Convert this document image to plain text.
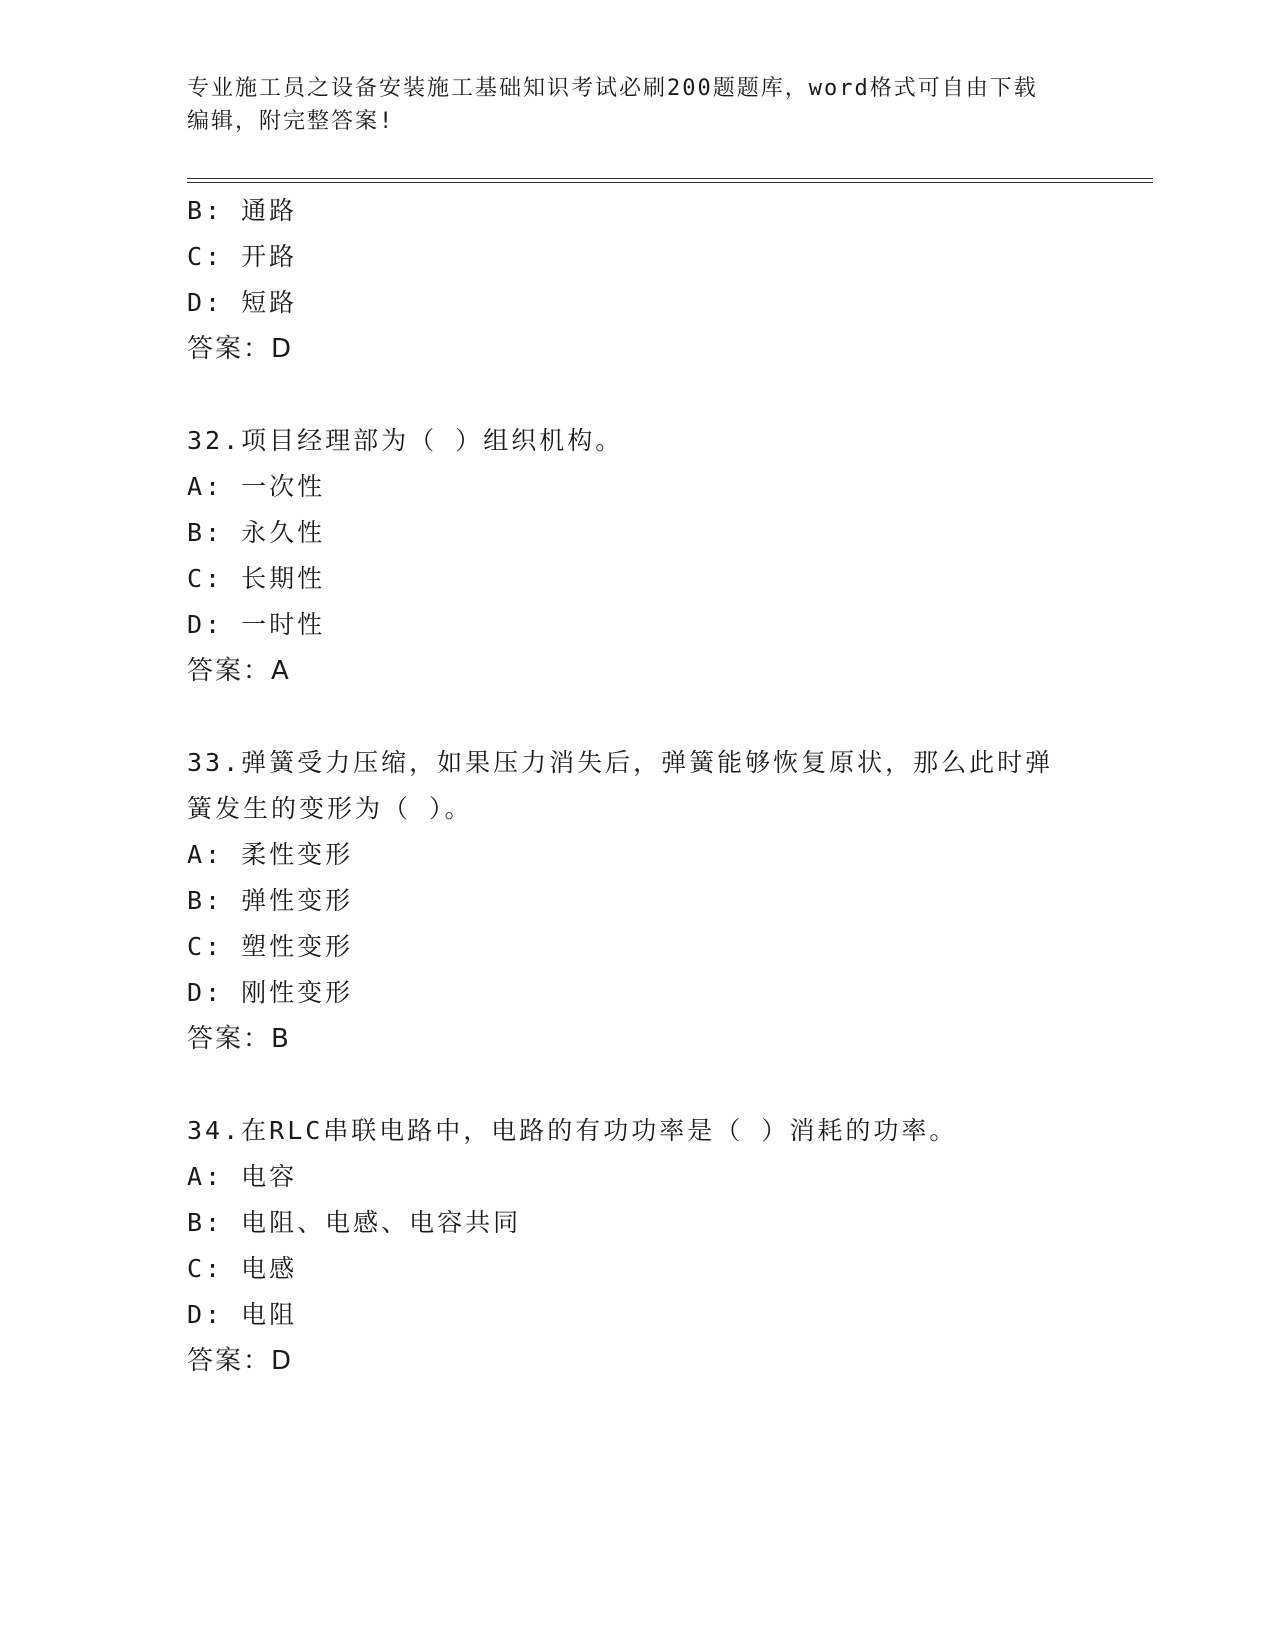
专业施工员之设备安装施工基础知识考试必刷200题题库，word格式可自由下载
编辑，附完整答案!
B: 通路
C: 开路
D: 短路
答案：D
32.项目经理部为（ ）组织机构。
A: 一次性
B: 永久性
C: 长期性
D: 一时性
答案：A
33.弹簧受力压缩，如果压力消失后，弹簧能够恢复原状，那么此时弹
簧发生的变形为（ ）。
A: 柔性变形
B: 弹性变形
C: 塑性变形
D: 刚性变形
答案：B
34.在RLC串联电路中，电路的有功功率是（ ）消耗的功率。
A: 电容
B: 电阻、电感、电容共同
C: 电感
D: 电阻
答案：D
